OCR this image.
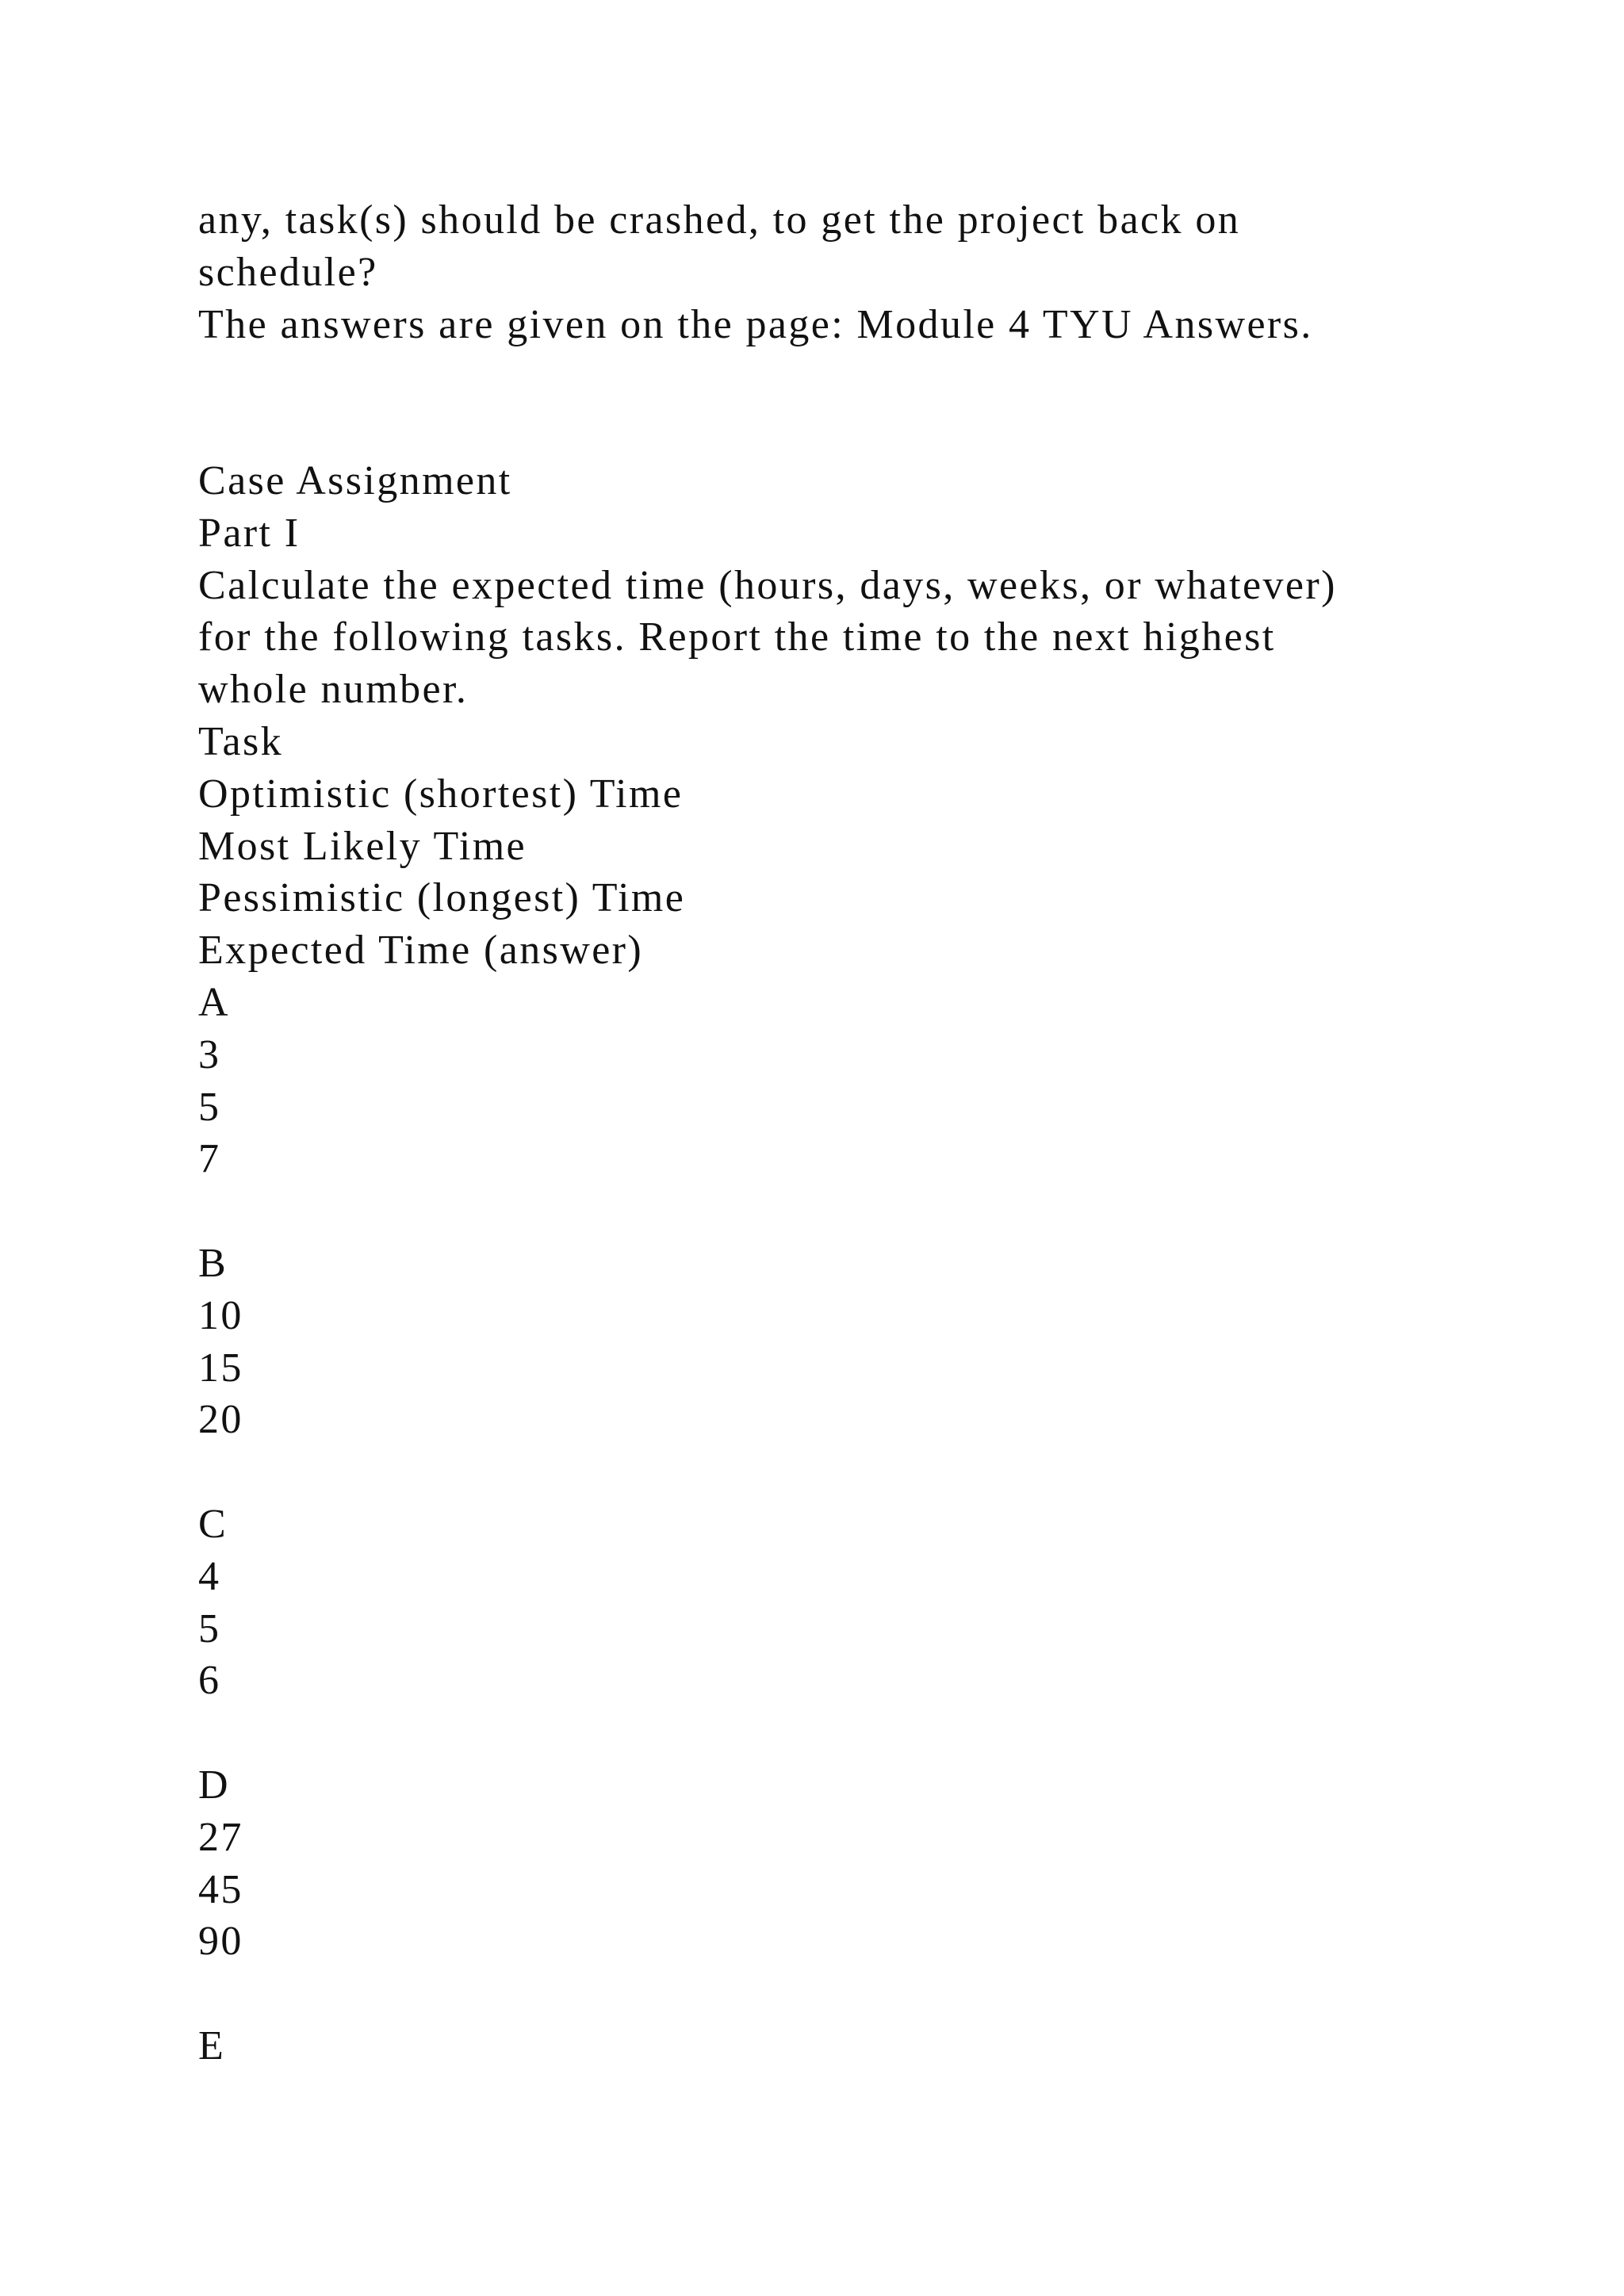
any, task(s) should be crashed, to get the project back on
schedule?
The answers are given on the page: Module 4 TYU Answers.
Case Assignment
Part I
Calculate the expected time (hours, days, weeks, or whatever)
for the following tasks. Report the time to the next highest
whole number.
Task
Optimistic (shortest) Time
Most Likely Time
Pessimistic (longest) Time
Expected Time (answer)
A
3
5
7
B
10
15
20
C
4
5
6
D
27
45
90
E
